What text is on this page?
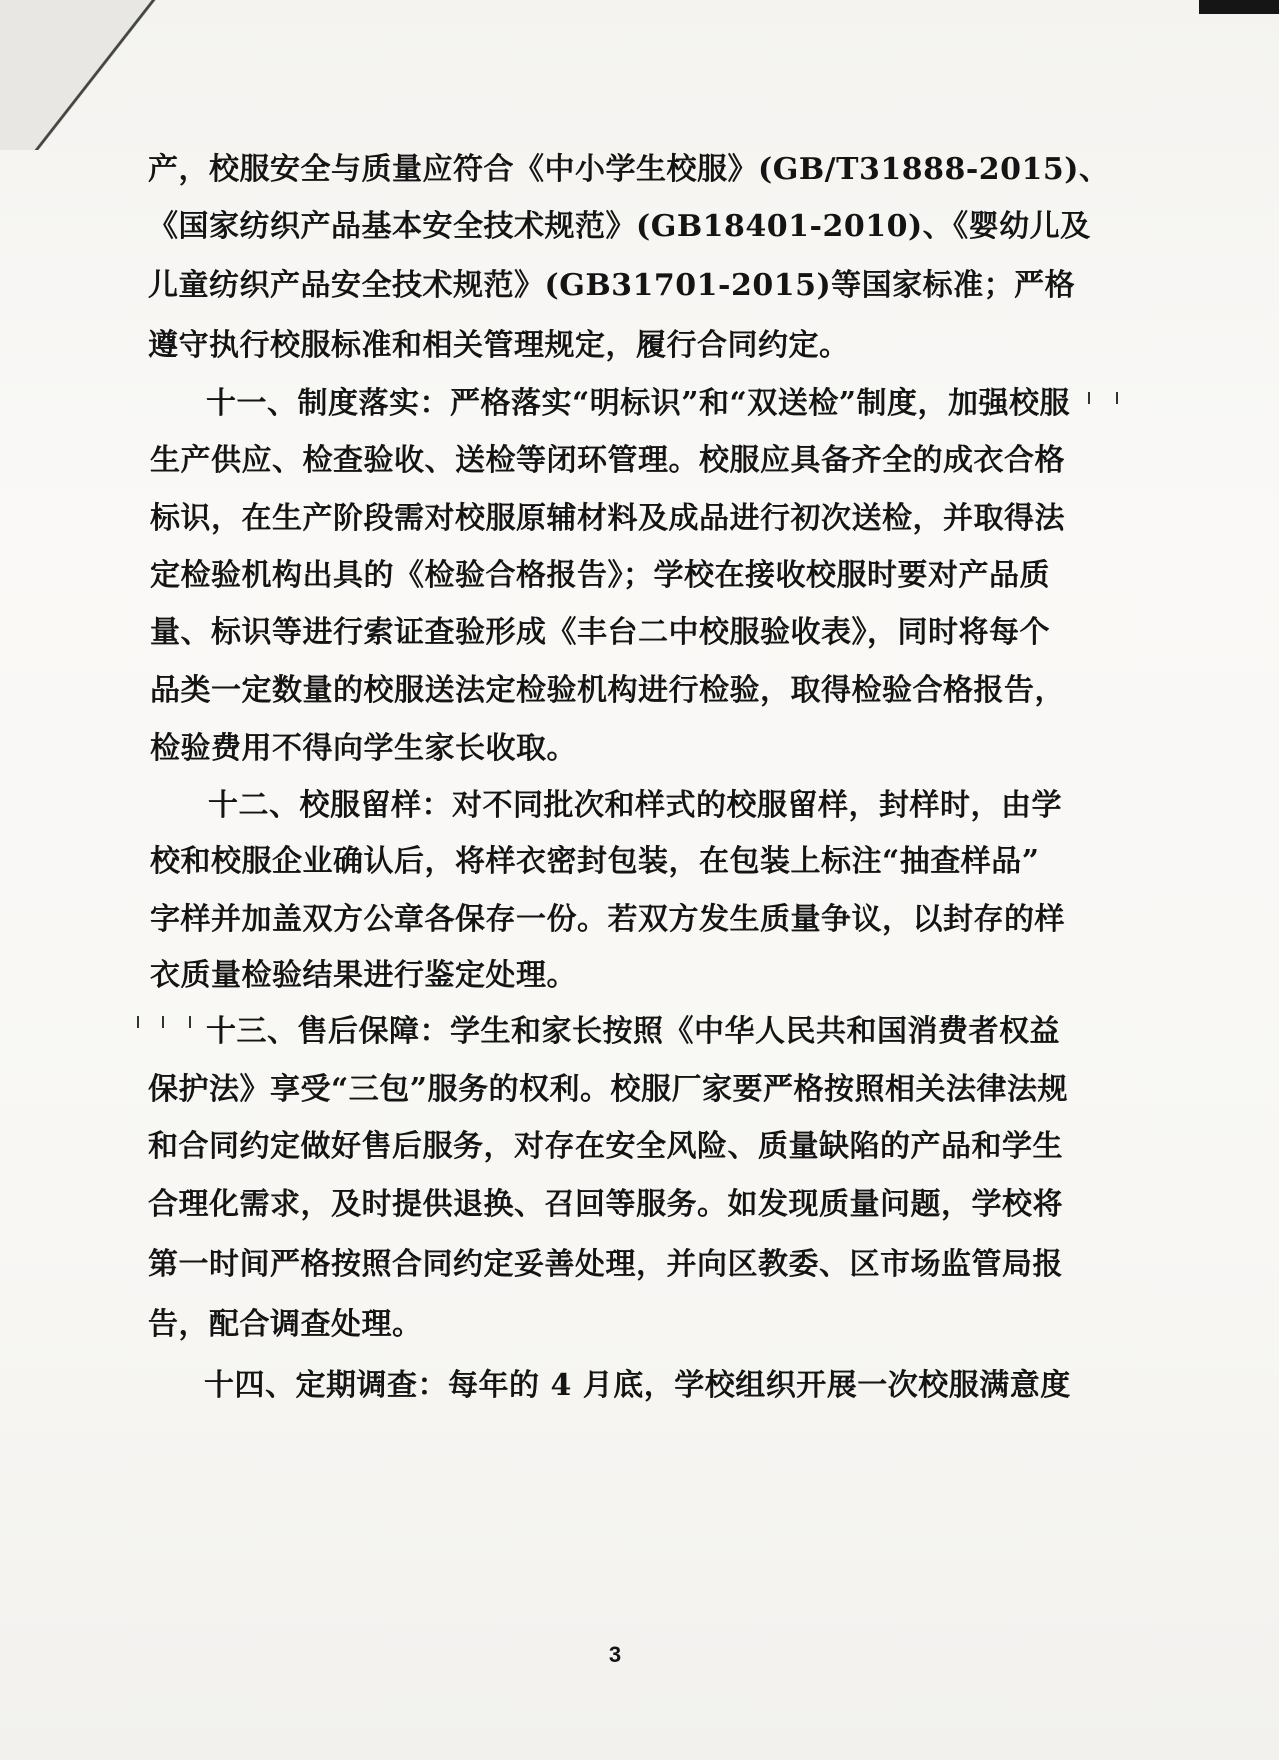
产，校服安全与质量应符合《中小学生校服》(GB/T31888-2015)、
《国家纺织产品基本安全技术规范》(GB18401-2010)、《婴幼儿及
儿童纺织产品安全技术规范》(GB31701-2015)等国家标准；严格
遵守执行校服标准和相关管理规定，履行合同约定。
十一、制度落实：严格落实“明标识”和“双送检”制度，加强校服
生产供应、检查验收、送检等闭环管理。校服应具备齐全的成衣合格
标识，在生产阶段需对校服原辅材料及成品进行初次送检，并取得法
定检验机构出具的《检验合格报告》；学校在接收校服时要对产品质
量、标识等进行索证查验形成《丰台二中校服验收表》，同时将每个
品类一定数量的校服送法定检验机构进行检验，取得检验合格报告，
检验费用不得向学生家长收取。
十二、校服留样：对不同批次和样式的校服留样，封样时，由学
校和校服企业确认后，将样衣密封包装，在包装上标注“抽查样品”
字样并加盖双方公章各保存一份。若双方发生质量争议，以封存的样
衣质量检验结果进行鉴定处理。
十三、售后保障：学生和家长按照《中华人民共和国消费者权益
保护法》享受“三包”服务的权利。校服厂家要严格按照相关法律法规
和合同约定做好售后服务，对存在安全风险、质量缺陷的产品和学生
合理化需求，及时提供退换、召回等服务。如发现质量问题，学校将
第一时间严格按照合同约定妥善处理，并向区教委、区市场监管局报
告，配合调查处理。
十四、定期调查：每年的 4 月底，学校组织开展一次校服满意度
3
